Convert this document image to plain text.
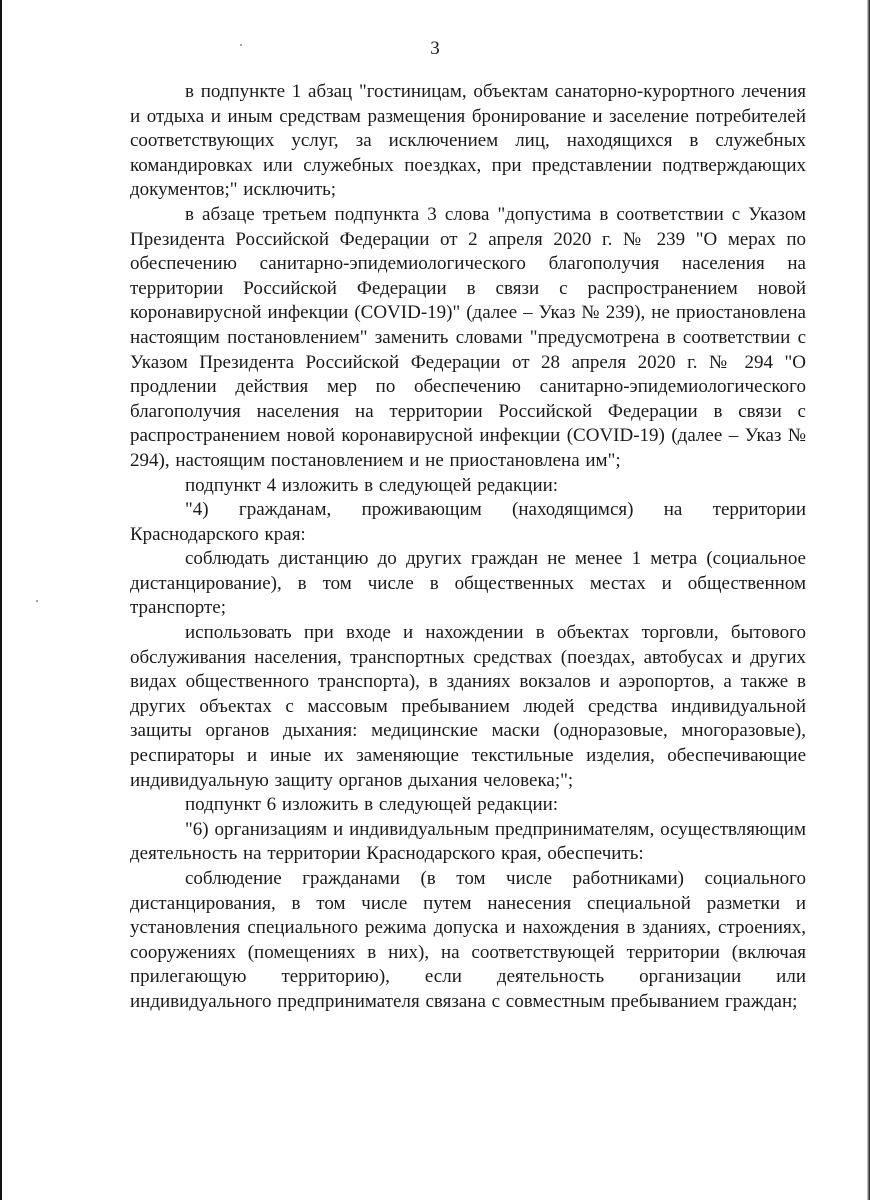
3

в подпункте 1 абзац "гостиницам, объектам санаторно-курортного лечения и отдыха и иным средствам размещения бронирование и заселение потребителей соответствующих услуг, за исключением лиц, находящихся в служебных командировках или служебных поездках, при представлении подтверждающих документов;" исключить;

в абзаце третьем подпункта 3 слова "допустима в соответствии с Указом Президента Российской Федерации от 2 апреля 2020 г. № 239 "О мерах по обеспечению санитарно-эпидемиологического благополучия населения на территории Российской Федерации в связи с распространением новой коронавирусной инфекции (COVID-19)" (далее – Указ № 239), не приостановлена настоящим постановлением" заменить словами "предусмотрена в соответствии с Указом Президента Российской Федерации от 28 апреля 2020 г. № 294 "О продлении действия мер по обеспечению санитарно-эпидемиологического благополучия населения на территории Российской Федерации в связи с распространением новой коронавирусной инфекции (COVID-19) (далее – Указ № 294), настоящим постановлением и не приостановлена им";

подпункт 4 изложить в следующей редакции:

"4) гражданам, проживающим (находящимся) на территории Краснодарского края:

соблюдать дистанцию до других граждан не менее 1 метра (социальное дистанцирование), в том числе в общественных местах и общественном транспорте;

использовать при входе и нахождении в объектах торговли, бытового обслуживания населения, транспортных средствах (поездах, автобусах и других видах общественного транспорта), в зданиях вокзалов и аэропортов, а также в других объектах с массовым пребыванием людей средства индивидуальной защиты органов дыхания: медицинские маски (одноразовые, многоразовые), респираторы и иные их заменяющие текстильные изделия, обеспечивающие индивидуальную защиту органов дыхания человека;";

подпункт 6 изложить в следующей редакции:

"6) организациям и индивидуальным предпринимателям, осуществляющим деятельность на территории Краснодарского края, обеспечить:

соблюдение гражданами (в том числе работниками) социального дистанцирования, в том числе путем нанесения специальной разметки и установления специального режима допуска и нахождения в зданиях, строениях, сооружениях (помещениях в них), на соответствующей территории (включая прилегающую территорию), если деятельность организации или индивидуального предпринимателя связана с совместным пребыванием граждан;
